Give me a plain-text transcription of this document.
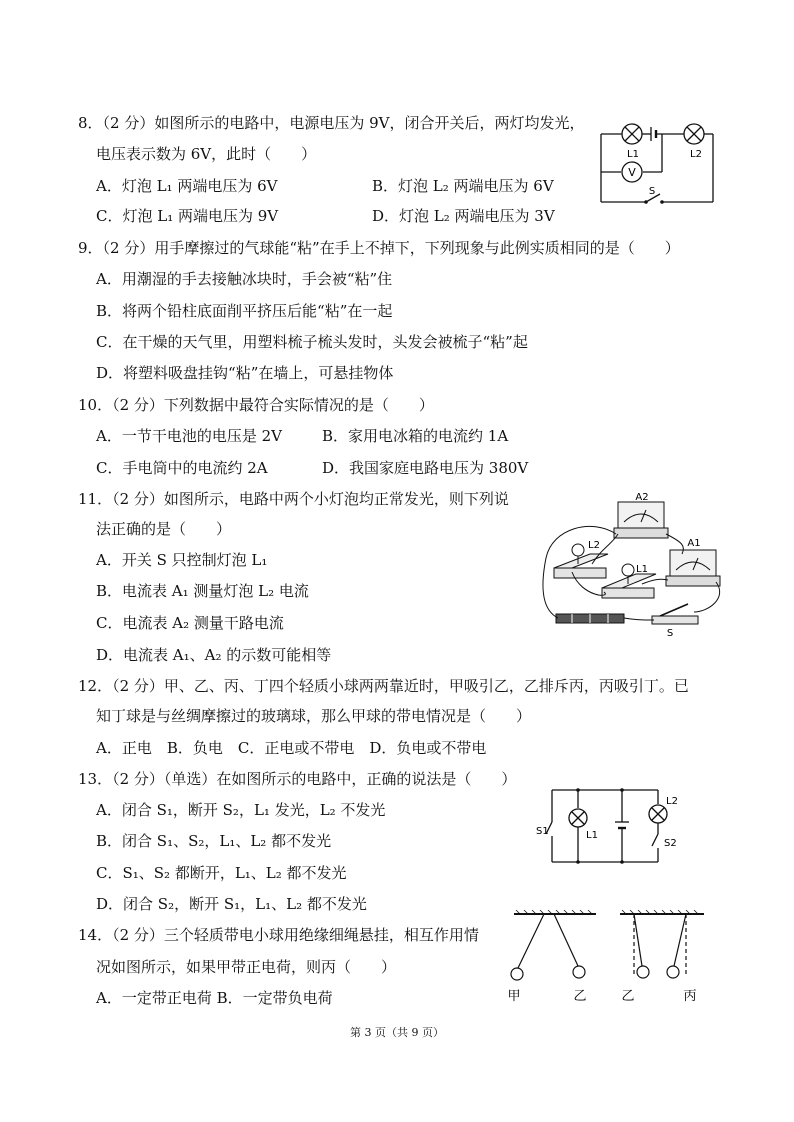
8．（2 分）如图所示的电路中，电源电压为 9V，闭合开关后，两灯均发光，
电压表示数为 6V，此时（　　）
A．灯泡 L₁ 两端电压为 6V	B．灯泡 L₂ 两端电压为 6V
C．灯泡 L₁ 两端电压为 9V	D．灯泡 L₂ 两端电压为 3V
L1	L2
V
S
9．（2 分）用手摩擦过的气球能“粘”在手上不掉下，下列现象与此例实质相同的是（　　）
A．用潮湿的手去接触冰块时，手会被“粘”住
B．将两个铅柱底面削平挤压后能“粘”在一起
C．在干燥的天气里，用塑料梳子梳头发时，头发会被梳子“粘”起
D．将塑料吸盘挂钩“粘”在墙上，可悬挂物体
10．（2 分）下列数据中最符合实际情况的是（　　）
A．一节干电池的电压是 2V	B．家用电冰箱的电流约 1A
C．手电筒中的电流约 2A	D．我国家庭电路电压为 380V
11．（2 分）如图所示，电路中两个小灯泡均正常发光，则下列说
法正确的是（　　）
A．开关 S 只控制灯泡 L₁
B．电流表 A₁ 测量灯泡 L₂ 电流
C．电流表 A₂ 测量干路电流
D．电流表 A₁、A₂ 的示数可能相等
A2
A1
L2
L1
S
12．（2 分）甲、乙、丙、丁四个轻质小球两两靠近时，甲吸引乙，乙排斥丙，丙吸引丁。已
知丁球是与丝绸摩擦过的玻璃球，那么甲球的带电情况是（　　）
A．正电　B．负电　C．正电或不带电　D．负电或不带电
13．（2 分）（单选）在如图所示的电路中，正确的说法是（　　）
A．闭合 S₁，断开 S₂，L₁ 发光，L₂ 不发光
B．闭合 S₁、S₂，L₁、L₂ 都不发光
C．S₁、S₂ 都断开，L₁、L₂ 都不发光
D．闭合 S₂，断开 S₁，L₁、L₂ 都不发光
S1	L1
L2
S2
14．（2 分）三个轻质带电小球用绝缘细绳悬挂，相互作用情
况如图所示，如果甲带正电荷，则丙（　　）
A．一定带正电荷 B．一定带负电荷	甲	乙	乙	丙
第 3 页（共 9 页）
